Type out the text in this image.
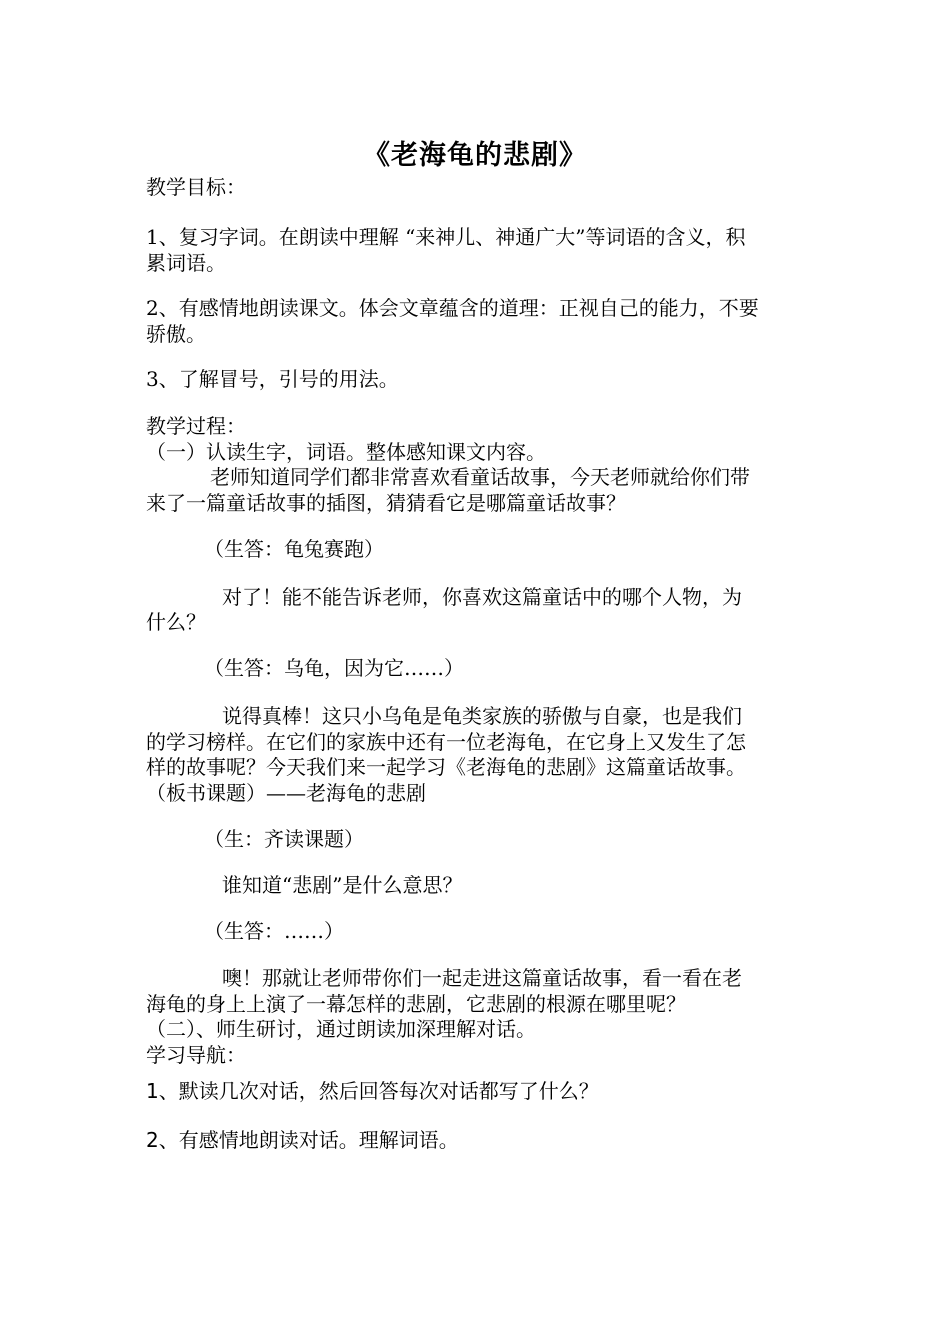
《老海龟的悲剧》
教学目标：
1、复习字词。在朗读中理解 “来神儿、神通广大”等词语的含义，积
累词语。
2、有感情地朗读课文。体会文章蕴含的道理：正视自己的能力，不要
骄傲。
3、了解冒号，引号的用法。
教学过程：
（一）认读生字，词语。整体感知课文内容。
老师知道同学们都非常喜欢看童话故事，今天老师就给你们带
来了一篇童话故事的插图，猜猜看它是哪篇童话故事？
（生答：龟兔赛跑）
对了！能不能告诉老师，你喜欢这篇童话中的哪个人物，为
什么？
（生答：乌龟，因为它……）
说得真棒！这只小乌龟是龟类家族的骄傲与自豪，也是我们
的学习榜样。在它们的家族中还有一位老海龟，在它身上又发生了怎
样的故事呢？今天我们来一起学习《老海龟的悲剧》这篇童话故事。
（板书课题）——老海龟的悲剧
（生：齐读课题）
谁知道“悲剧”是什么意思？
（生答：……）
噢！那就让老师带你们一起走进这篇童话故事，看一看在老
海龟的身上上演了一幕怎样的悲剧，它悲剧的根源在哪里呢？
（二）、师生研讨，通过朗读加深理解对话。
学习导航：
1、默读几次对话，然后回答每次对话都写了什么？
2、有感情地朗读对话。理解词语。
